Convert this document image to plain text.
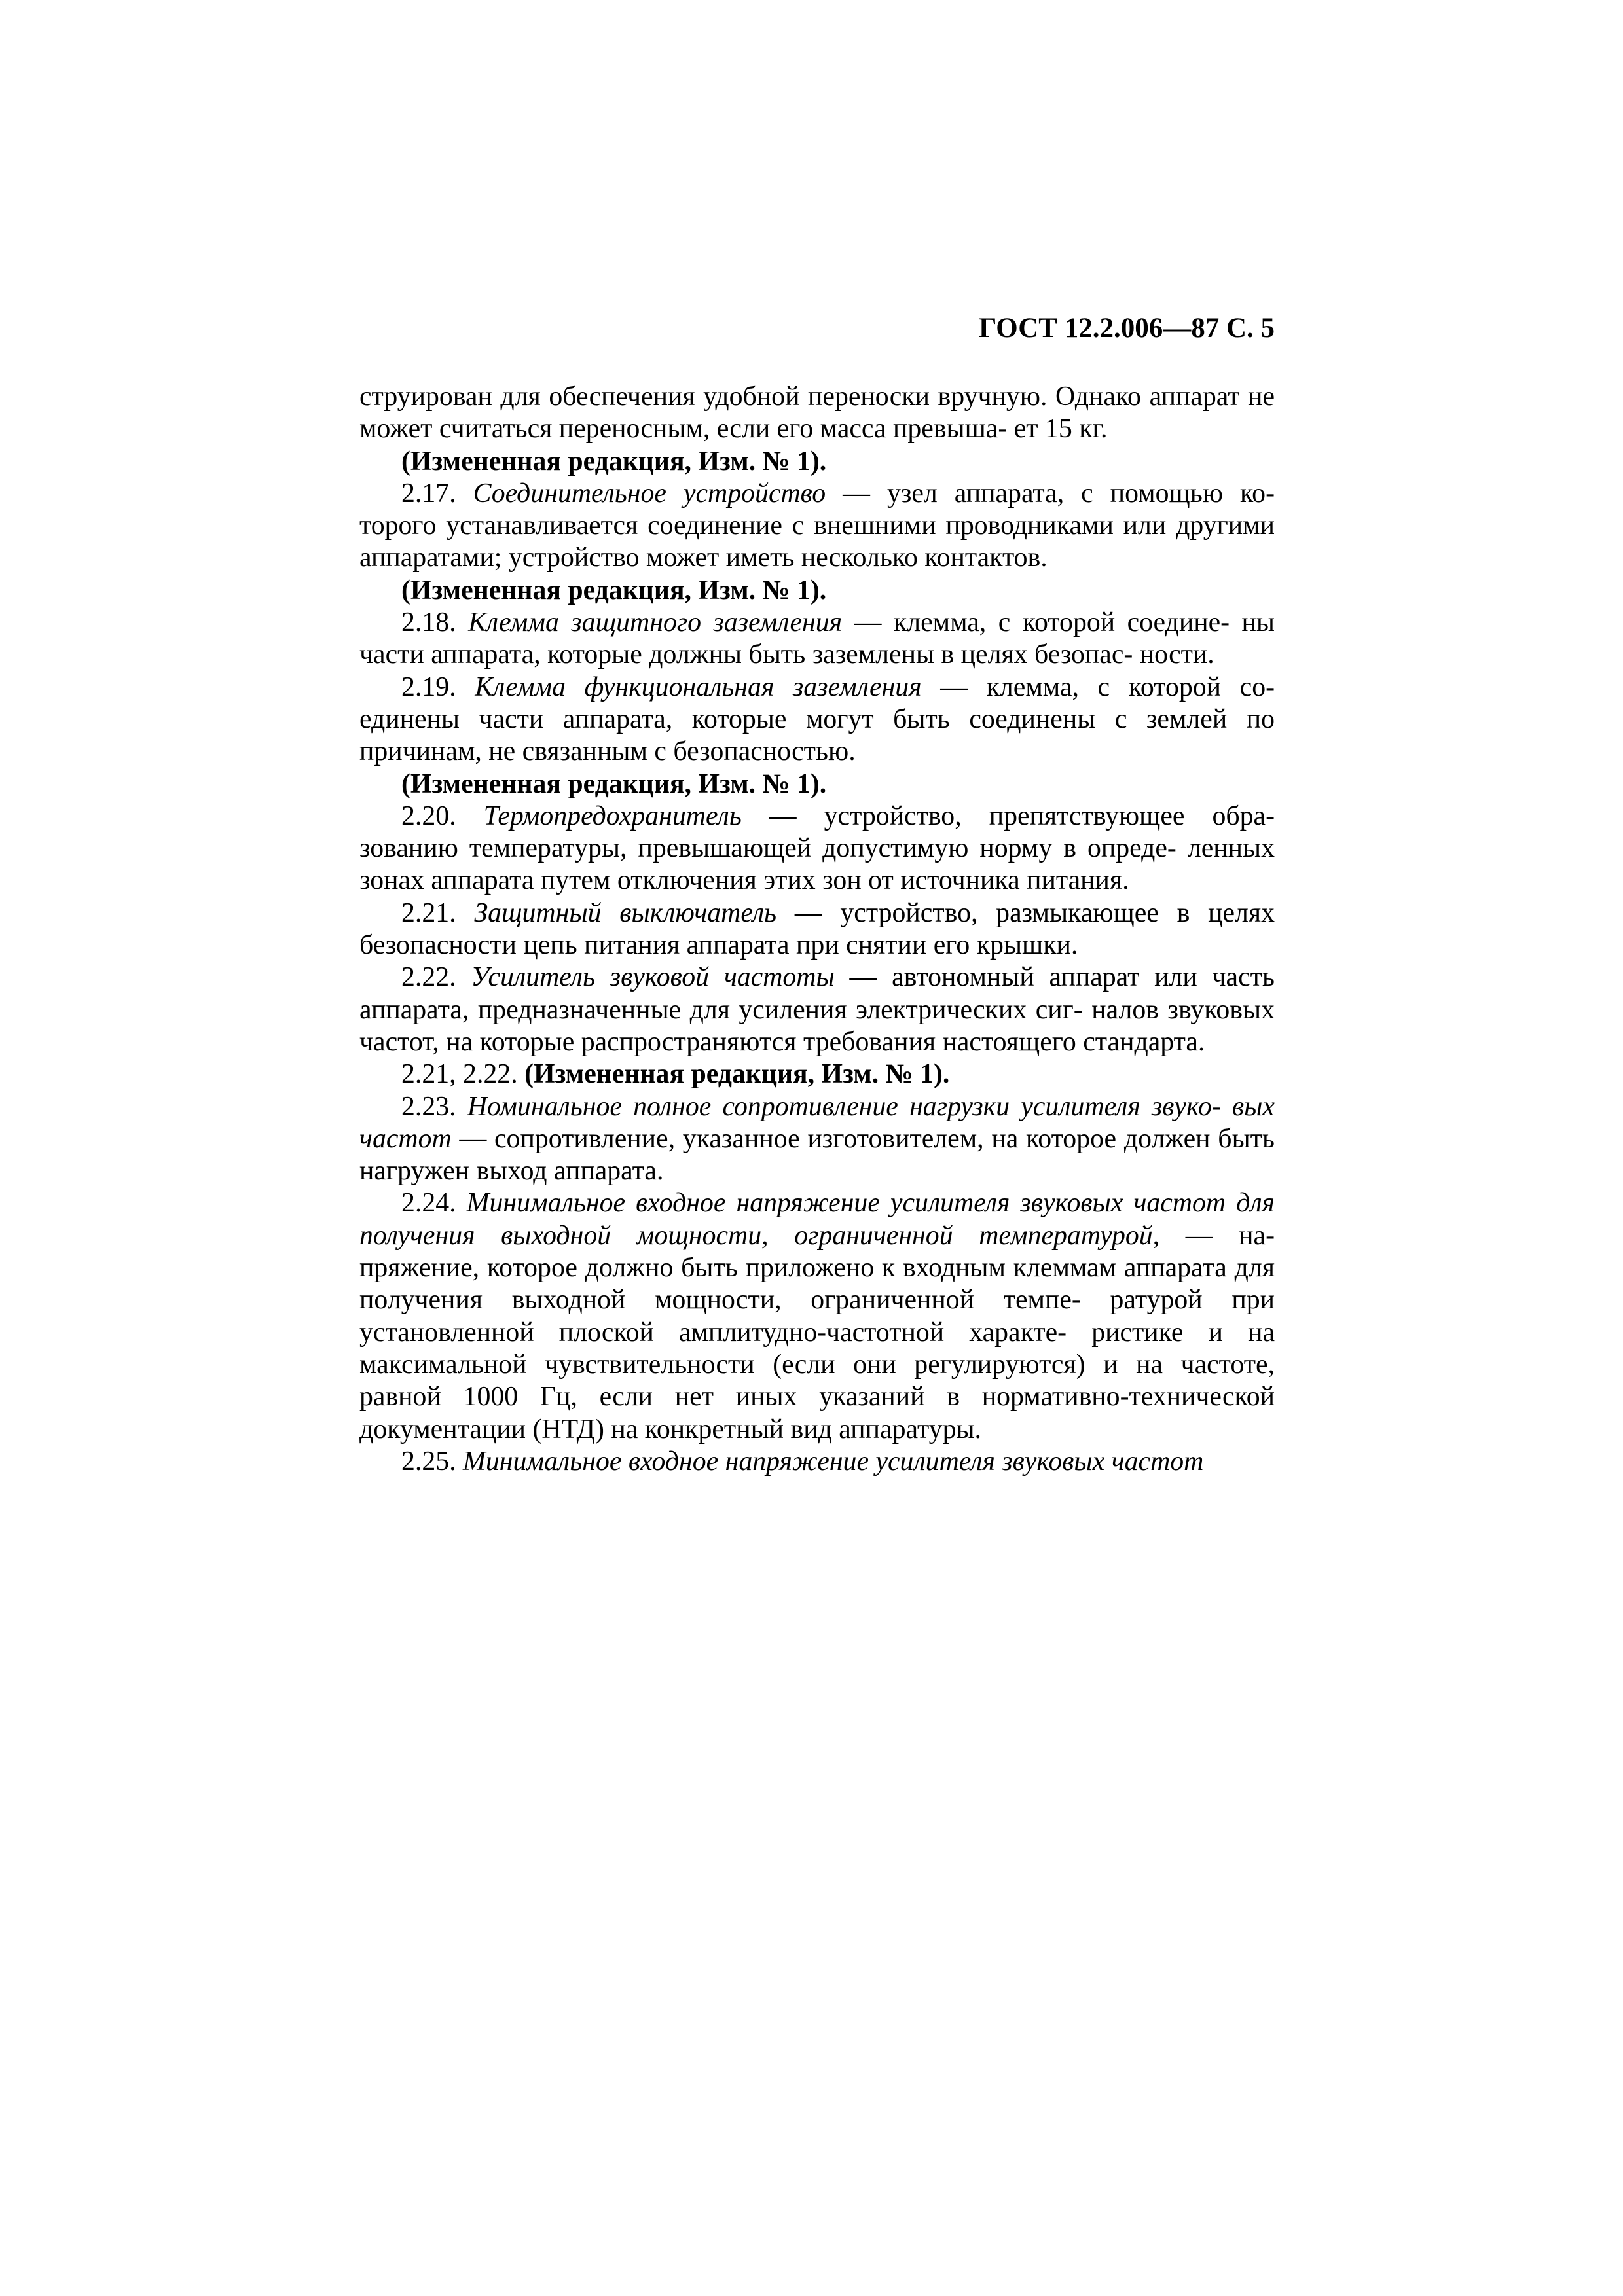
ГОСТ 12.2.006—87 С. 5

струирован для обеспечения удобной переноски вручную. Однако аппарат не может считаться переносным, если его масса превыша- ет 15 кг.

(Измененная редакция, Изм. № 1).

2.17. Соединительное устройство — узел аппарата, с помощью ко- торого устанавливается соединение с внешними проводниками или другими аппаратами; устройство может иметь несколько контактов.

(Измененная редакция, Изм. № 1).

2.18. Клемма защитного заземления — клемма, с которой соедине- ны части аппарата, которые должны быть заземлены в целях безопас- ности.

2.19. Клемма функциональная заземления — клемма, с которой со- единены части аппарата, которые могут быть соединены с землей по причинам, не связанным с безопасностью.

(Измененная редакция, Изм. № 1).

2.20. Термопредохранитель — устройство, препятствующее обра- зованию температуры, превышающей допустимую норму в опреде- ленных зонах аппарата путем отключения этих зон от источника питания.

2.21. Защитный выключатель — устройство, размыкающее в целях безопасности цепь питания аппарата при снятии его крышки.

2.22. Усилитель звуковой частоты — автономный аппарат или часть аппарата, предназначенные для усиления электрических сиг- налов звуковых частот, на которые распространяются требования настоящего стандарта.

2.21, 2.22. (Измененная редакция, Изм. № 1).

2.23. Номинальное полное сопротивление нагрузки усилителя звуко- вых частот — сопротивление, указанное изготовителем, на которое должен быть нагружен выход аппарата.

2.24. Минимальное входное напряжение усилителя звуковых частот для получения выходной мощности, ограниченной температурой, — на- пряжение, которое должно быть приложено к входным клеммам аппарата для получения выходной мощности, ограниченной темпе- ратурой при установленной плоской амплитудно-частотной характе- ристике и на максимальной чувствительности (если они регулируются) и на частоте, равной 1000 Гц, если нет иных указаний в нормативно-технической документации (НТД) на конкретный вид аппаратуры.

2.25. Минимальное входное напряжение усилителя звуковых частот
